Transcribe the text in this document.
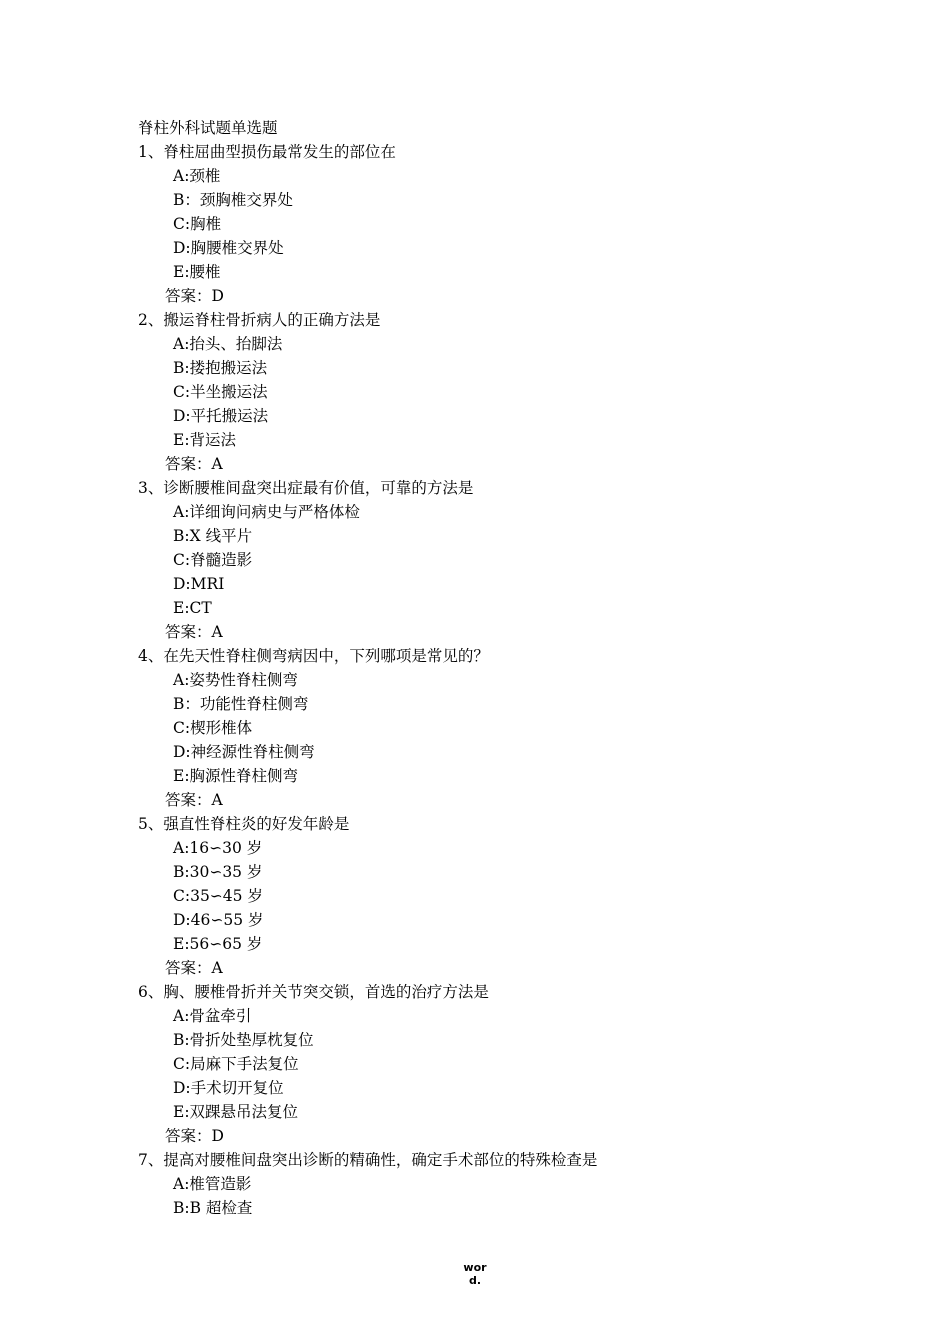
脊柱外科试题单选题
1、脊柱屈曲型损伤最常发生的部位在
A:颈椎
B：颈胸椎交界处
C:胸椎
D:胸腰椎交界处
E:腰椎
答案：D
2、搬运脊柱骨折病人的正确方法是
A:抬头、抬脚法
B:搂抱搬运法
C:半坐搬运法
D:平托搬运法
E:背运法
答案：A
3、诊断腰椎间盘突出症最有价值，可靠的方法是
A:详细询问病史与严格体检
B:X 线平片
C:脊髓造影
D:MRI
E:CT
答案：A
4、在先天性脊柱侧弯病因中，下列哪项是常见的？
A:姿势性脊柱侧弯
B：功能性脊柱侧弯
C:楔形椎体
D:神经源性脊柱侧弯
E:胸源性脊柱侧弯
答案：A
5、强直性脊柱炎的好发年龄是
A:16∽30 岁
B:30∽35 岁
C:35∽45 岁
D:46∽55 岁
E:56∽65 岁
答案：A
6、胸、腰椎骨折并关节突交锁，首选的治疗方法是
A:骨盆牵引
B:骨折处垫厚枕复位
C:局麻下手法复位
D:手术切开复位
E:双踝悬吊法复位
答案：D
7、提高对腰椎间盘突出诊断的精确性，确定手术部位的特殊检查是
A:椎管造影
B:B 超检查
wor
d.
